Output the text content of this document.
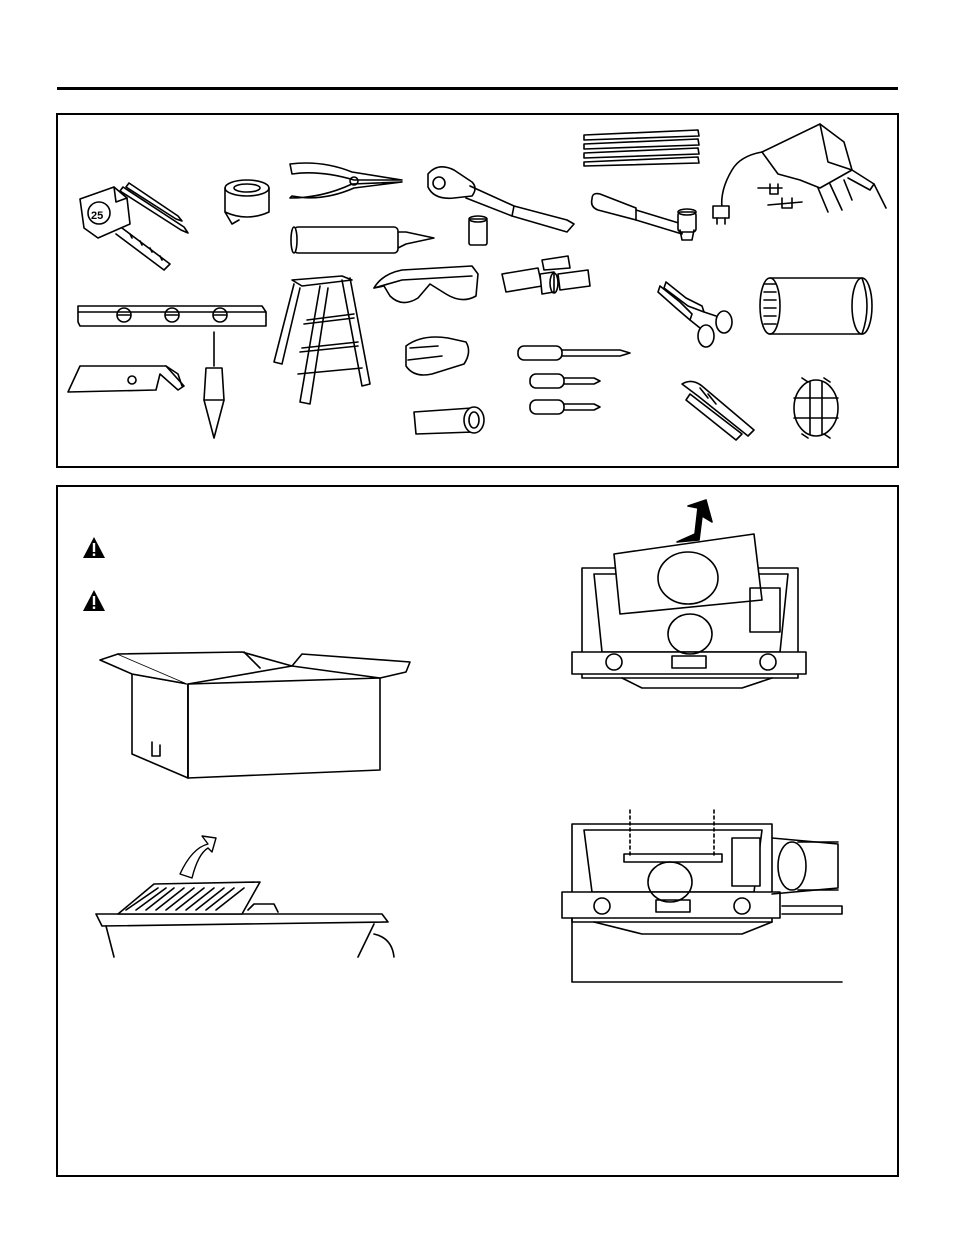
25
